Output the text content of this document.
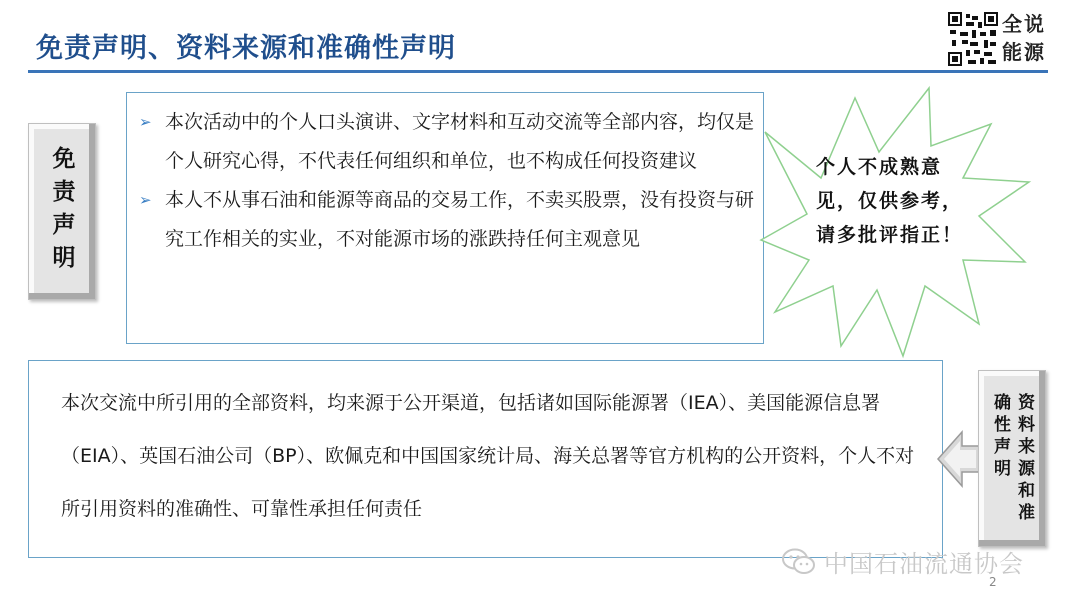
免责声明、资料来源和准确性声明
全说能源
免责声明
➢ 本次活动中的个人口头演讲、文字材料和互动交流等全部内容，均仅是个人研究心得，不代表任何组织和单位，也不构成任何投资建议
➢ 本人不从事石油和能源等商品的交易工作，不卖买股票，没有投资与研究工作相关的实业，不对能源市场的涨跌持任何主观意见
个人不成熟意见，仅供参考，请多批评指正！
本次交流中所引用的全部资料，均来源于公开渠道，包括诸如国际能源署（IEA）、美国能源信息署（EIA）、英国石油公司（BP）、欧佩克和中国国家统计局、海关总署等官方机构的公开资料，个人不对所引用资料的准确性、可靠性承担任何责任	资料来源和准确性声明
中国石油流通协会
2
